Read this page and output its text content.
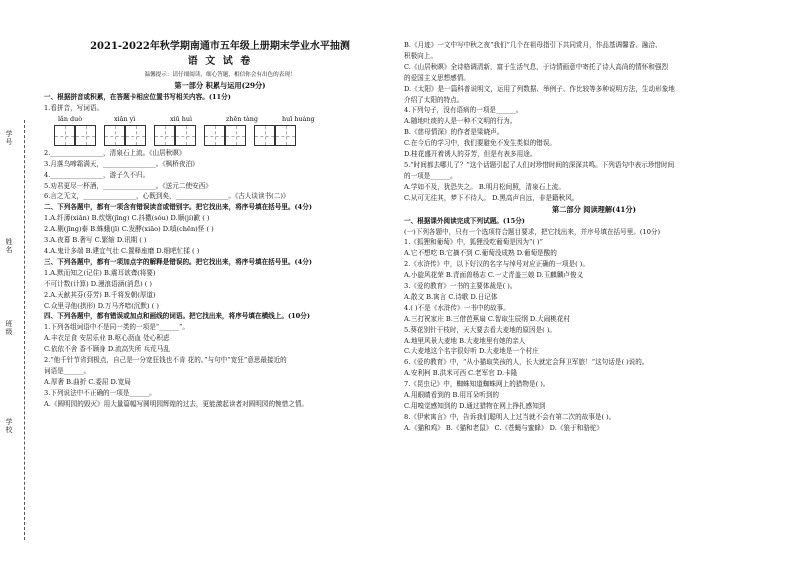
学号
姓名
班级
学校
2021-2022年秋学期南通市五年级上册期末学业水平抽测
语 文 试 卷
温馨提示：请仔细阅读，细心答题，相信你会有出色的表现！
第一部分 积累与运用(29分)
一、根据拼音或积累，在答题卡相应位置书写相关内容。(11分)
1.看拼音，写词语。
lǎn duò	xiǎn yì	xiū huì	zhēn tàng	huī huáng
2.________________，清泉石上流。《山居秋暝》
3.月落乌啼霜满天，________________。《枫桥夜泊》
4.________________，游子久不归。
5.劝君更尽一杯酒，________________。《送元二使安西》
6.言之无文，________________，心既到矣，________________。《古人谈读书(二)》
二、下列各题中，都有一项含有错误读音或错别字。把它找出来，将序号填在括号里。(4分)
1.A.纤薄(xiān) B.炊烟(jīng) C.抖擞(sǒu) D.顺(jí)歉 ( )
2.A.剔(jīng)泰 B.蛛蛾(jī) C.发酵(xiāo) D.嗔(chēn)怪 ( )
3.A.夜幕 B.奢写 C.繁缩 D.讯期 ( )
4.A.鬼计多端 B.建宜气壮 C.置释座磨 D.细吧忙揉 ( )
三、下列各题中，都有一项加点字的解释是错误的。把它找出来，将序号填在括号里。(4分)
1.A.默而知之(记住) B.震耳欲聋(将要)
不可计数(计算) D.漫浪语涵(消息) ( )
2.A.天献其芬(芬芳) B.千将发朝(厚道)
C.众里寻他(拱形) D.万马齐喑(沉默) ( )
四、下列各题中，都有错误或加点和画线的词语。把它找出来，将序号填在横线上。(10分)
1.下列各组词语中不是同一类的一项是“______”。
A.丰衣足食 安居乐业 B.呕心沥血 处心积虑
C.依依不舍 香不顾身 D.流高失所 兵荒马乱
2.“他千针节省到极点，自己是一分宽狂钱也不肯 花的。”与句中“宽狂”意思最接近的
词语是______。
A.厚奢 B.曲折 C.委屈 D.宽局
3.下列说法中不正确的一项是______。
A.《圆明园的毁灭》用大量篇幅写圆明园辉煌的过去，更能激起读者对圆明园的惋惜之情。
B.《月迹》一文中写中秋之夜“我们”几个在祖母指引下共同赏月，作品基调馨香、融洽、
积极向上。
C.《山居秋暝》全诗格调清新，富于生活气息，于诗情画意中寄托了诗人高尚的情怀和强烈
的爱国主义思想感情。
D.《太阳》是一篇科普说明文，运用了列数据、举例子、作比较等多种说明方法，生动形象地
介绍了太阳的特点。
4.下列句子，没有语病的一项是______。
A.随地吐痰的人是一种不文明的行为。
B.《慈母情深》的作者是梁晓声。
C.在今后的学习中，我们要避免不发生类似的错误。
D.桂花盛开着诱人的芬芳，但是有表多用途。
5.“时间都去哪儿了？”这个话题引起了人们对珍惜时间的深深共鸣。下列语句中表示珍惜时间
的一项是______。
A.学如不及，犹恐失之。 B.明月松间照，清泉石上流。
C.从可无往其，梦下不待人。 D.黑高声自远，非是籍秋风。
第二部分 阅读理解(41分)
一、根据课外阅读完成下列试题。(15分)
(一)下列各题中，只有一个选项符合题目要求，把它找出来，并序号填在括号里。(10分)
1.《狐狸和葡萄》中，狐狸没吃葡萄是因为“( )”
A.它不想吃 B.它摘不到 C.葡萄没成熟 D.葡萄是酸的
2.《水浒传》中，以下好汉的名字与绰号对应正确的一项是( )。
A.小旋风花荣 B.青面兽杨志 C.一丈青盖三娘 D.玉麒麟卢俊义
3.《爱的教育》一书的主要体裁是( )。
A.散文 B.寓言 C.诗歌 D.日记体
4.( )不是《水浒传》一书中的故事。
A.三打祝家庄 B.三借芭蕉扇 C.智取生辰纲 D.大闹桃花村
5.葵花别针干枝时，天大要去看大麦地的原因是( )。
A.地里风景大麦地 B.大麦地里有她的亲人
C.大麦地这个名字很好听 D.大麦地是一个村庄
6.《爱的教育》中，“从小猫取笑孩的人，长大就定会拜卫军旅！”这句话是( )说的。
A.安利柯 B.洪米可西 C.老军官 D.卡隆
7.《昆虫记》中，蜘蛛知道蜘蛛网上的猎物是( )。
A.用眼睛看到的 B.用耳朵听到的
C.用嗅觉感知到的 D.通过猎物在网上挣扎感知到
8.《伊索寓言》中，告诉我们聪明人上过当就不会有第二次的故事是( )。
A.《猫和鸡》 B.《猫和老鼠》 C.《苍蝇与蜜蜂》 D.《狼于和骆驼》
